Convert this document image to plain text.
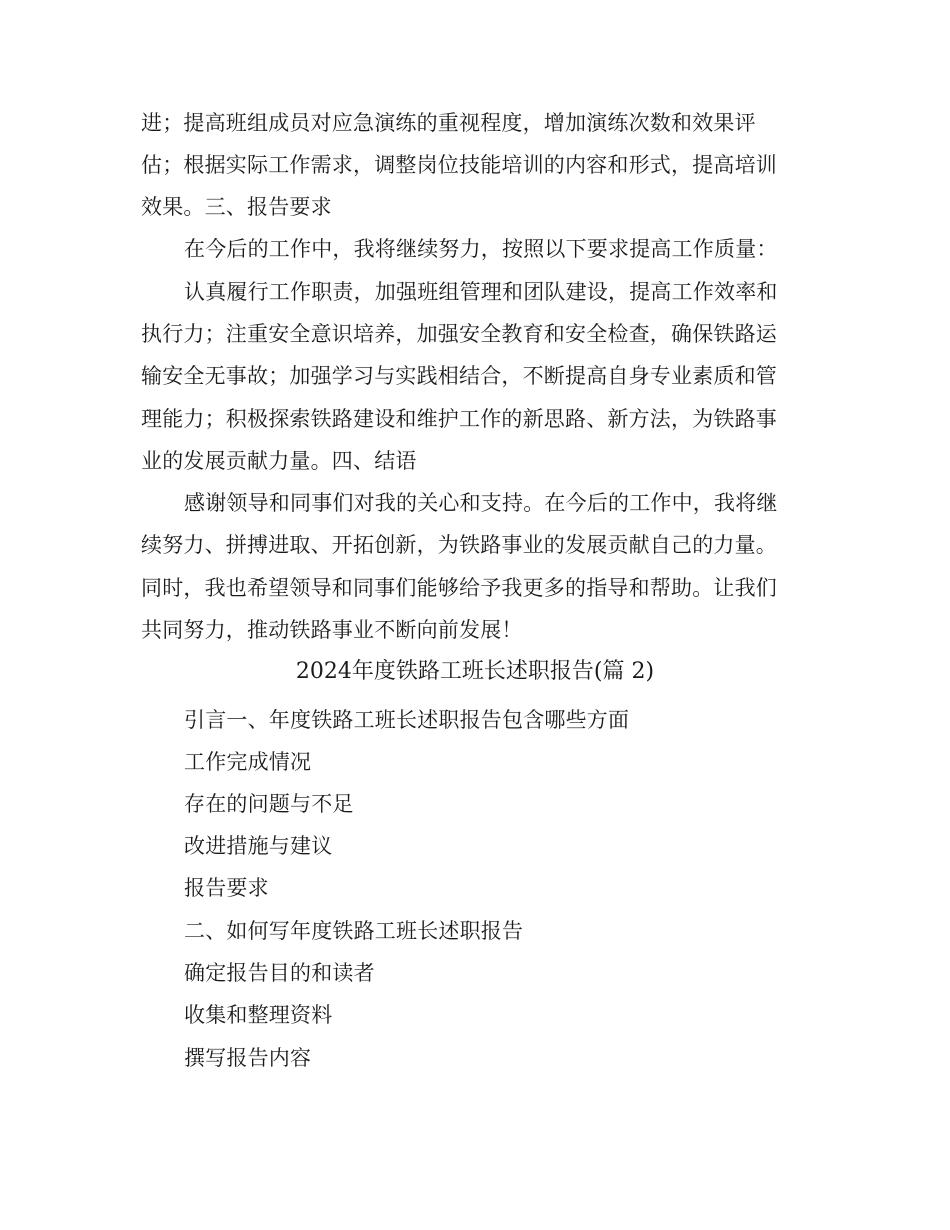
进；提高班组成员对应急演练的重视程度，增加演练次数和效果评
估；根据实际工作需求，调整岗位技能培训的内容和形式，提高培训
效果。三、报告要求
在今后的工作中，我将继续努力，按照以下要求提高工作质量：
认真履行工作职责，加强班组管理和团队建设，提高工作效率和
执行力；注重安全意识培养，加强安全教育和安全检查，确保铁路运
输安全无事故；加强学习与实践相结合，不断提高自身专业素质和管
理能力；积极探索铁路建设和维护工作的新思路、新方法，为铁路事
业的发展贡献力量。四、结语
感谢领导和同事们对我的关心和支持。在今后的工作中，我将继
续努力、拼搏进取、开拓创新，为铁路事业的发展贡献自己的力量。
同时，我也希望领导和同事们能够给予我更多的指导和帮助。让我们
共同努力，推动铁路事业不断向前发展！
2024年度铁路工班长述职报告(篇 2)
引言一、年度铁路工班长述职报告包含哪些方面
工作完成情况
存在的问题与不足
改进措施与建议
报告要求
二、如何写年度铁路工班长述职报告
确定报告目的和读者
收集和整理资料
撰写报告内容
